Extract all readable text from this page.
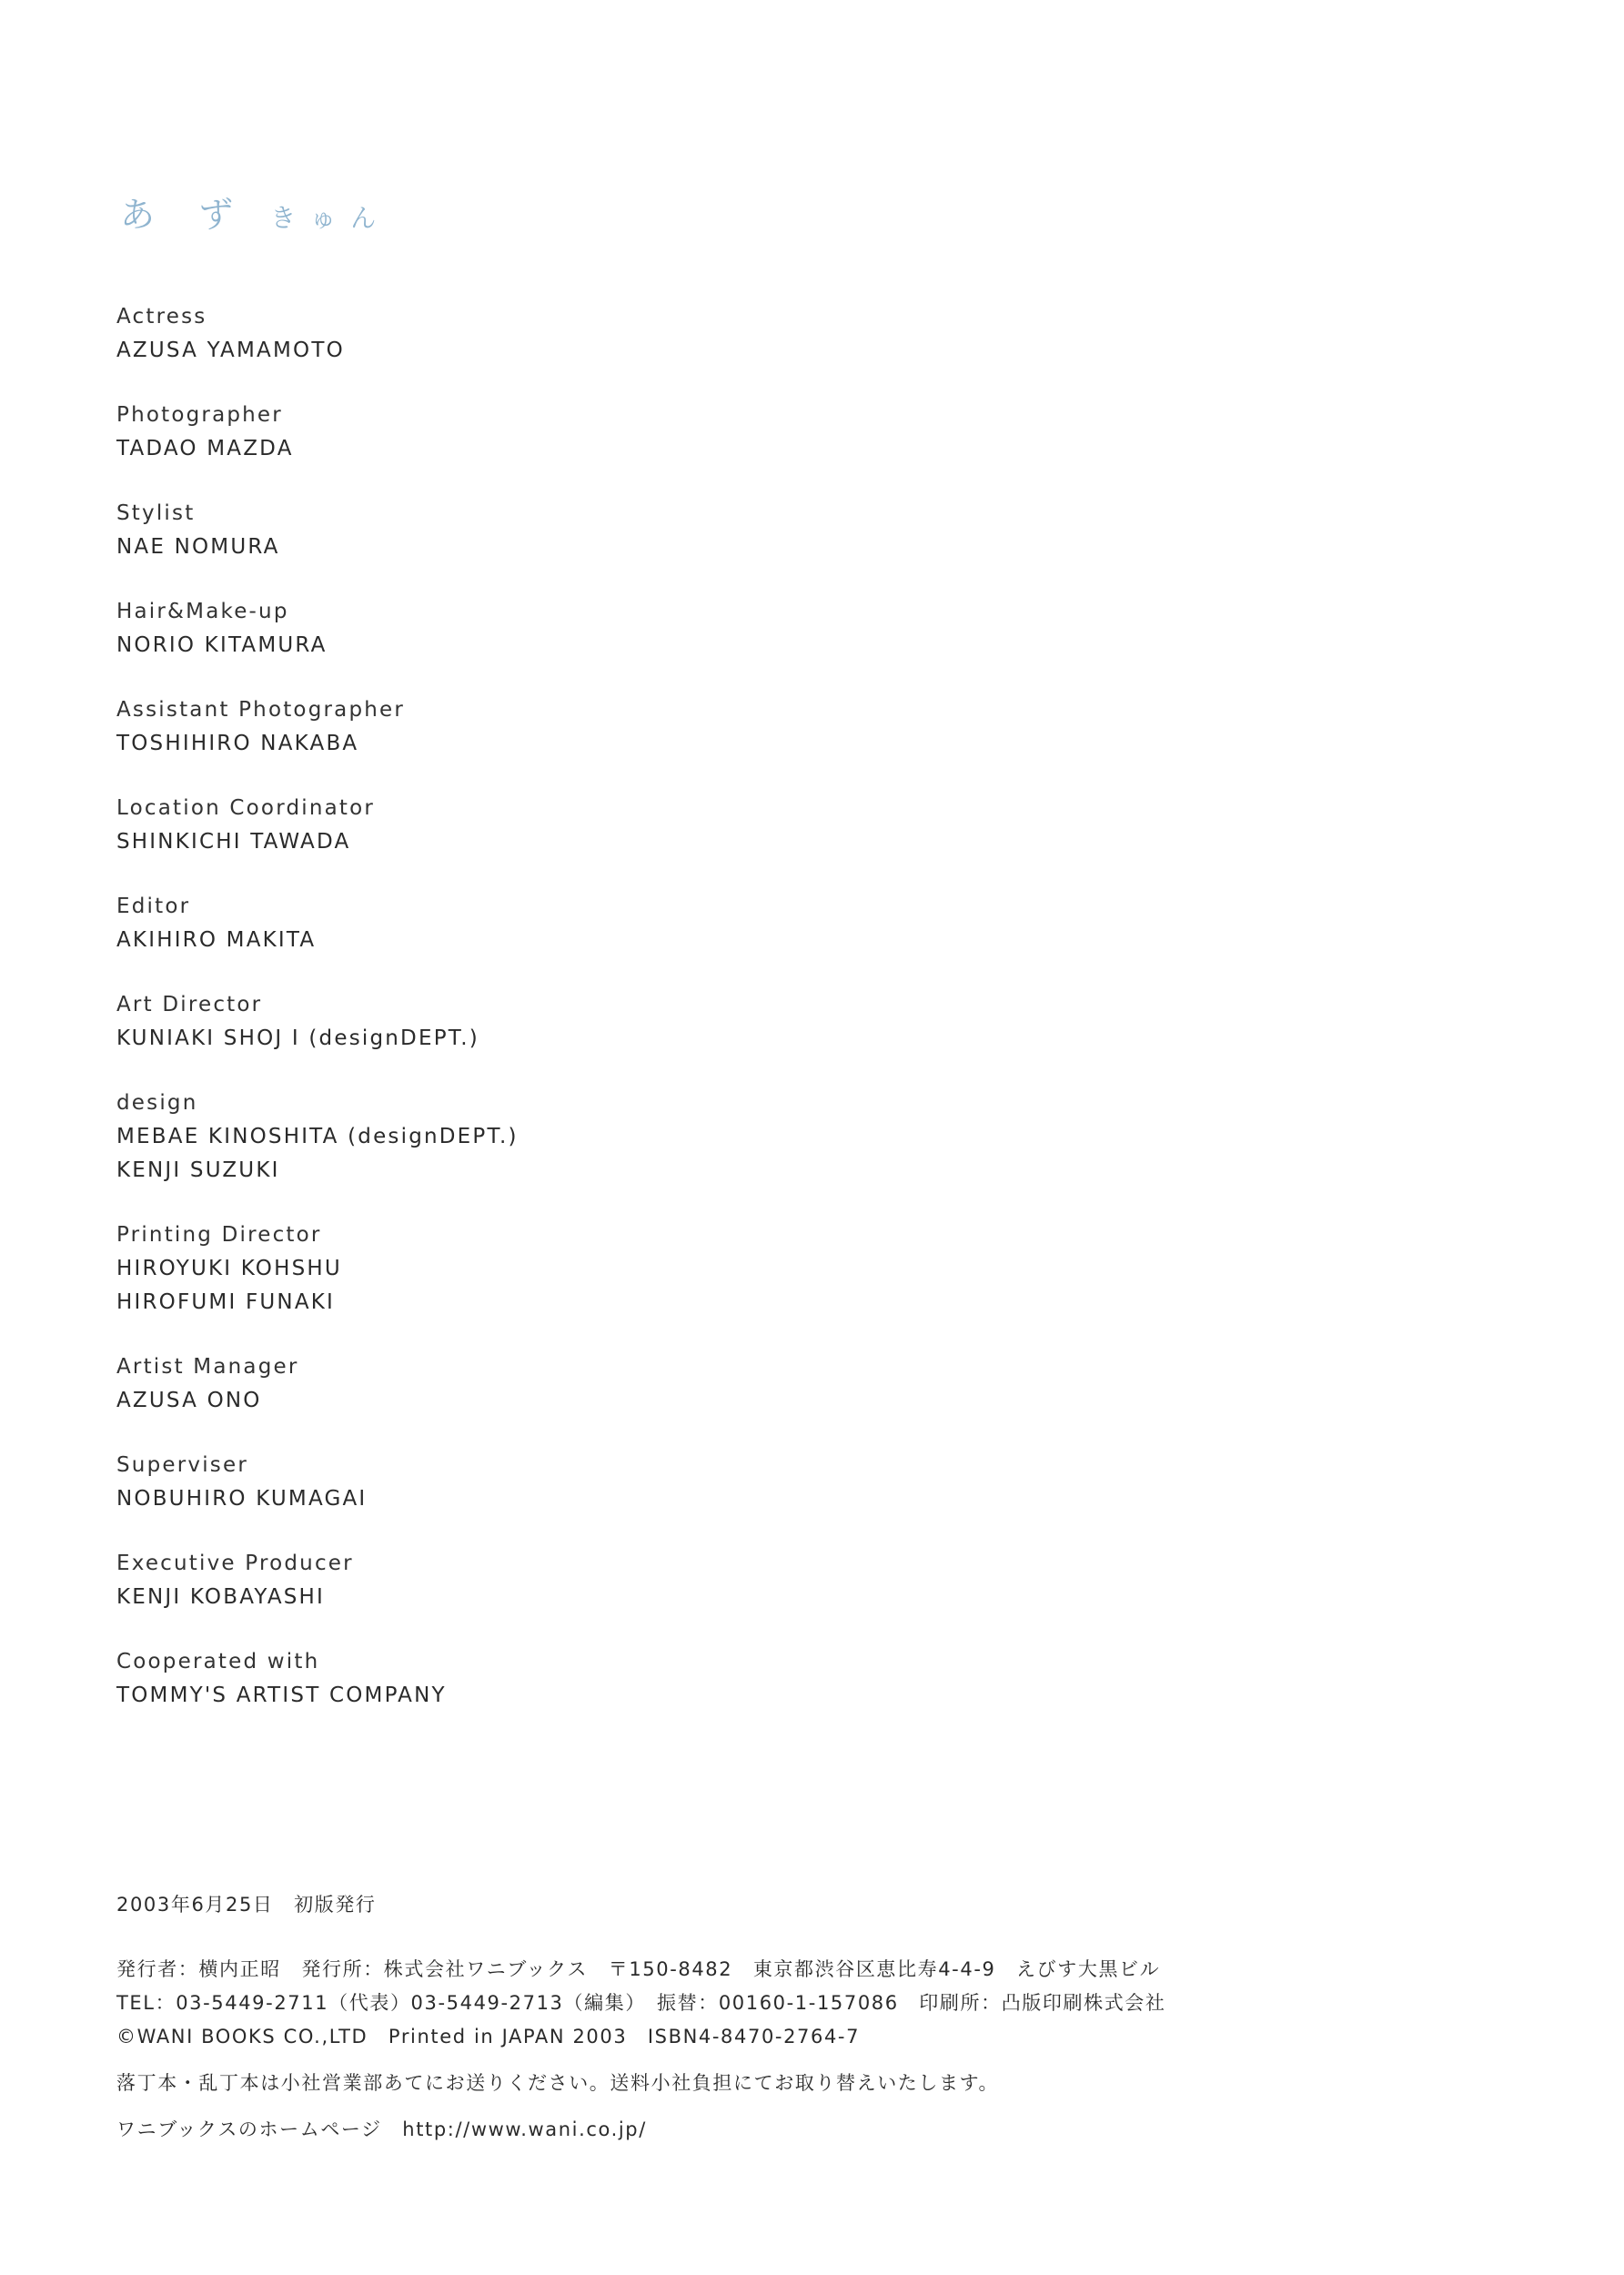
あ ず きゅん
Actress
AZUSA YAMAMOTO
Photographer
TADAO MAZDA
Stylist
NAE NOMURA
Hair&Make-up
NORIO KITAMURA
Assistant Photographer
TOSHIHIRO NAKABA
Location Coordinator
SHINKICHI TAWADA
Editor
AKIHIRO MAKITA
Art Director
KUNIAKI SHOJ I (designDEPT.)
design
MEBAE KINOSHITA (designDEPT.)
KENJI SUZUKI
Printing Director
HIROYUKI KOHSHU
HIROFUMI FUNAKI
Artist Manager
AZUSA ONO
Superviser
NOBUHIRO KUMAGAI
Executive Producer
KENJI KOBAYASHI
Cooperated with
TOMMY'S ARTIST COMPANY
2003年6月25日　初版発行
発行者：横内正昭　発行所：株式会社ワニブックス　〒150-8482　東京都渋谷区恵比寿4-4-9　えびす大黒ビル
TEL：03-5449-2711（代表）03-5449-2713（編集）　振替：00160-1-157086　印刷所：凸版印刷株式会社
©WANI BOOKS CO.,LTD　Printed in JAPAN 2003　ISBN4-8470-2764-7
落丁本・乱丁本は小社営業部あてにお送りください。送料小社負担にてお取り替えいたします。
ワニブックスのホームページ　http://www.wani.co.jp/
